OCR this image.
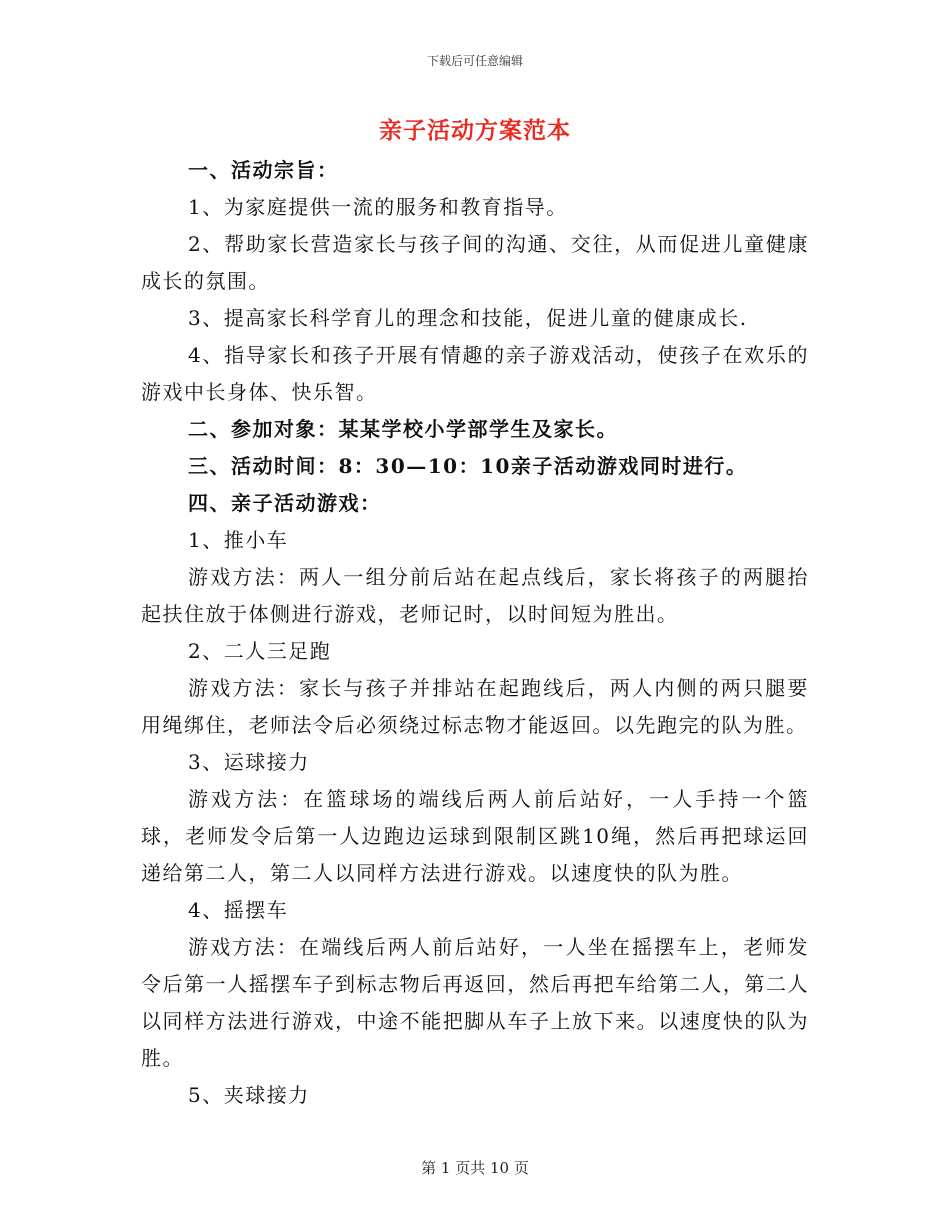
下载后可任意编辑
亲子活动方案范本

一、活动宗旨：

1、为家庭提供一流的服务和教育指导。

2、帮助家长营造家长与孩子间的沟通、交往，从而促进儿童健康成长的氛围。

3、提高家长科学育儿的理念和技能，促进儿童的健康成长.

4、指导家长和孩子开展有情趣的亲子游戏活动，使孩子在欢乐的游戏中长身体、快乐智。

二、参加对象：某某学校小学部学生及家长。

三、活动时间：8：30—10：10亲子活动游戏同时进行。

四、亲子活动游戏：

1、推小车

游戏方法：两人一组分前后站在起点线后，家长将孩子的两腿抬起扶住放于体侧进行游戏，老师记时，以时间短为胜出。

2、二人三足跑

游戏方法：家长与孩子并排站在起跑线后，两人内侧的两只腿要用绳绑住，老师法令后必须绕过标志物才能返回。以先跑完的队为胜。

3、运球接力

游戏方法：在篮球场的端线后两人前后站好，一人手持一个篮球，老师发令后第一人边跑边运球到限制区跳10绳，然后再把球运回递给第二人，第二人以同样方法进行游戏。以速度快的队为胜。

4、摇摆车

游戏方法：在端线后两人前后站好，一人坐在摇摆车上，老师发令后第一人摇摆车子到标志物后再返回，然后再把车给第二人，第二人以同样方法进行游戏，中途不能把脚从车子上放下来。以速度快的队为胜。

5、夹球接力

第 1 页共 10 页
